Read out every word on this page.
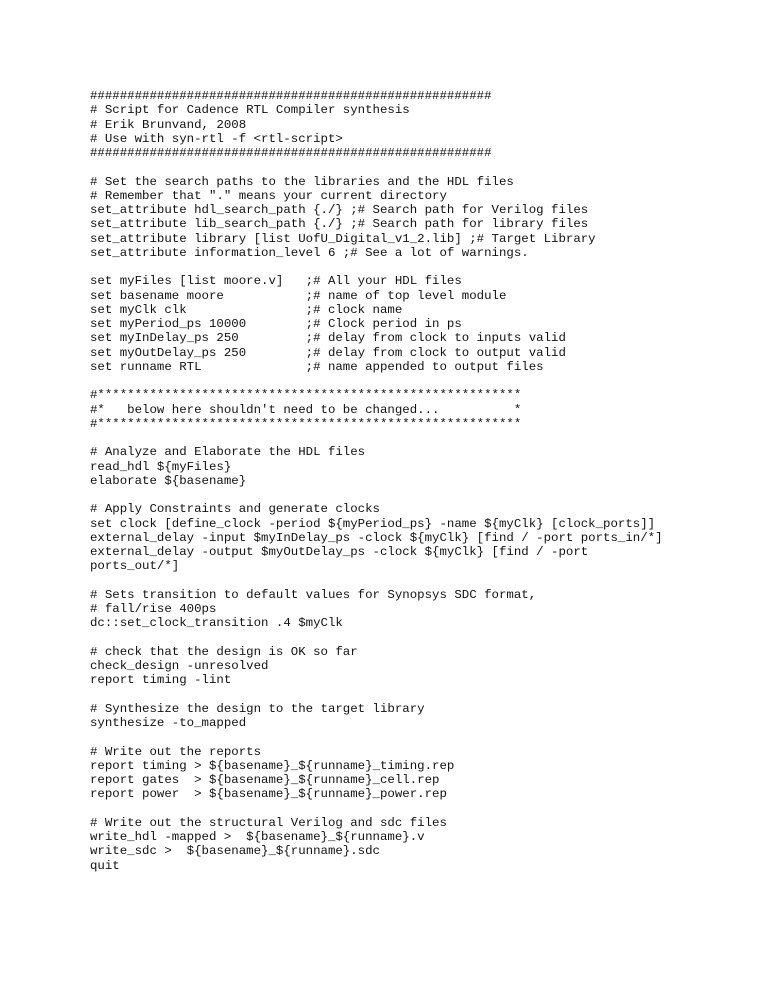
######################################################
# Script for Cadence RTL Compiler synthesis
# Erik Brunvand, 2008
# Use with syn-rtl -f <rtl-script>
######################################################
# Set the search paths to the libraries and the HDL files
# Remember that "." means your current directory
set_attribute hdl_search_path {./} ;# Search path for Verilog files
set_attribute lib_search_path {./} ;# Search path for library files
set_attribute library [list UofU_Digital_v1_2.lib] ;# Target Library
set_attribute information_level 6 ;# See a lot of warnings.
set myFiles [list moore.v]   ;# All your HDL files
set basename moore           ;# name of top level module
set myClk clk                ;# clock name
set myPeriod_ps 10000        ;# Clock period in ps
set myInDelay_ps 250         ;# delay from clock to inputs valid
set myOutDelay_ps 250        ;# delay from clock to output valid
set runname RTL              ;# name appended to output files
#*********************************************************
#*   below here shouldn't need to be changed...          *
#*********************************************************
# Analyze and Elaborate the HDL files
read_hdl ${myFiles}
elaborate ${basename}
# Apply Constraints and generate clocks
set clock [define_clock -period ${myPeriod_ps} -name ${myClk} [clock_ports]]
external_delay -input $myInDelay_ps -clock ${myClk} [find / -port ports_in/*]
external_delay -output $myOutDelay_ps -clock ${myClk} [find / -port
ports_out/*]
# Sets transition to default values for Synopsys SDC format,
# fall/rise 400ps
dc::set_clock_transition .4 $myClk
# check that the design is OK so far
check_design -unresolved
report timing -lint
# Synthesize the design to the target library
synthesize -to_mapped
# Write out the reports
report timing > ${basename}_${runname}_timing.rep
report gates  > ${basename}_${runname}_cell.rep
report power  > ${basename}_${runname}_power.rep
# Write out the structural Verilog and sdc files
write_hdl -mapped >  ${basename}_${runname}.v
write_sdc >  ${basename}_${runname}.sdc
quit
